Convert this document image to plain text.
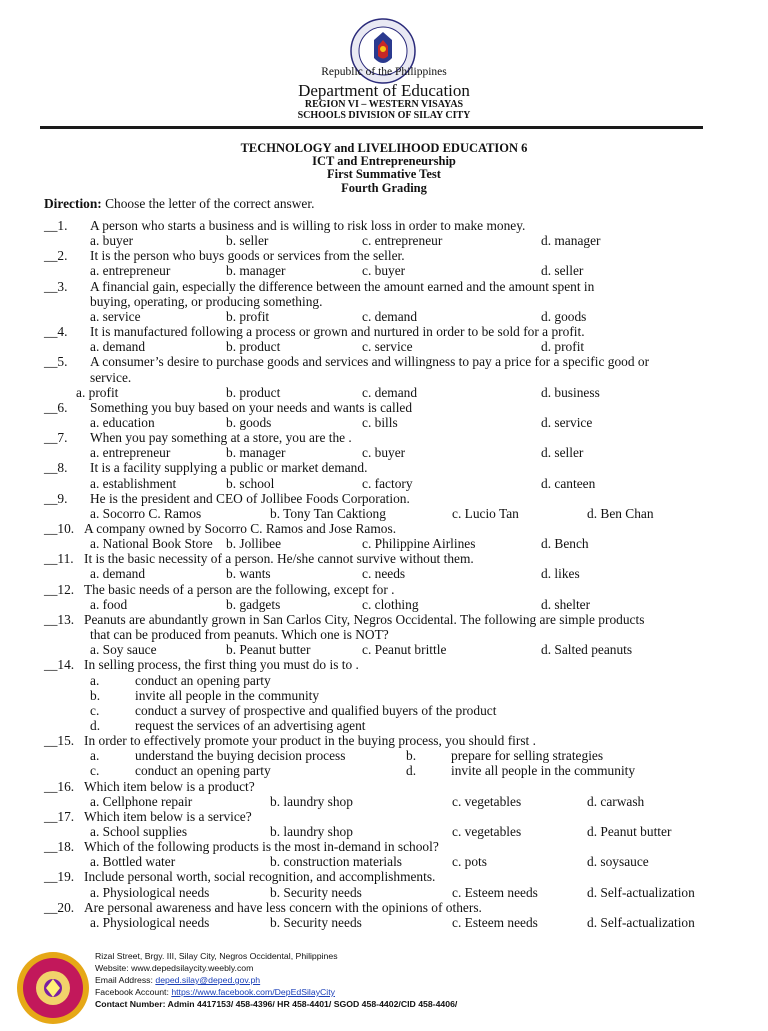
Republic of the Philippines
Department of Education
REGION VI – WESTERN VISAYAS
SCHOOLS DIVISION OF SILAY CITY
TECHNOLOGY and LIVELIHOOD EDUCATION 6
ICT and Entrepreneurship
First Summative Test
Fourth Grading
Direction: Choose the letter of the correct answer.
__1. A person who starts a business and is willing to risk loss in order to make money.
a. buyer	b. seller	c. entrepreneur	d. manager
__2. It is the person who buys goods or services from the seller.
a. entrepreneur	b. manager	c. buyer	d. seller
__3. A financial gain, especially the difference between the amount earned and the amount spent in
buying, operating, or producing something.
a. service	b. profit	c. demand	d. goods
__4. It is manufactured following a process or grown and nurtured in order to be sold for a profit.
a. demand	b. product	c. service	d. profit
__5. A consumer’s desire to purchase goods and services and willingness to pay a price for a specific good or
service.
a. profit	b. product	c. demand	d. business
__6. Something you buy based on your needs and wants is called
a. education	b. goods	c. bills	d. service
__7. When you pay something at a store, you are the .
a. entrepreneur	b. manager	c. buyer	d. seller
__8. It is a facility supplying a public or market demand.
a. establishment	b. school	c. factory	d. canteen
__9. He is the president and CEO of Jollibee Foods Corporation.
a. Socorro C. Ramos	b. Tony Tan Caktiong	c. Lucio Tan	d. Ben Chan
__10. A company owned by Socorro C. Ramos and Jose Ramos.
a. National Book Store b. Jollibee	c. Philippine Airlines	d. Bench
__11. It is the basic necessity of a person. He/she cannot survive without them.
a. demand	b. wants	c. needs	d. likes
__12. The basic needs of a person are the following, except for .
a. food	b. gadgets	c. clothing	d. shelter
__13. Peanuts are abundantly grown in San Carlos City, Negros Occidental. The following are simple products
that can be produced from peanuts. Which one is NOT?
a. Soy sauce	b. Peanut butter	c. Peanut brittle	d. Salted peanuts
__14. In selling process, the first thing you must do is to .
a.	conduct an opening party
b.	invite all people in the community
c.	conduct a survey of prospective and qualified buyers of the product
d.	request the services of an advertising agent
__15. In order to effectively promote your product in the buying process, you should first .
a.	understand the buying decision process	b.	prepare for selling strategies
c.	conduct an opening party	d.	invite all people in the community
__16. Which item below is a product?
a. Cellphone repair	b. laundry shop	c. vegetables	d. carwash
__17. Which item below is a service?
a. School supplies	b. laundry shop	c. vegetables	d. Peanut butter
__18. Which of the following products is the most in-demand in school?
a. Bottled water	b. construction materials	c. pots	d. soysauce
__19. Include personal worth, social recognition, and accomplishments.
a. Physiological needs	b. Security needs	c. Esteem needs	d. Self-actualization
__20. Are personal awareness and have less concern with the opinions of others.
a. Physiological needs	b. Security needs	c. Esteem needs	d. Self-actualization
Rizal Street, Brgy. III, Silay City, Negros Occidental, Philippines
Website: www.depedsilaycity.weebly.com
Email Address: deped.silay@deped.gov.ph
Facebook Account: https://www.facebook.com/DepEdSilayCity
Contact Number: Admin 4417153/ 458-4396/ HR 458-4401/ SGOD 458-4402/CID 458-4406/
